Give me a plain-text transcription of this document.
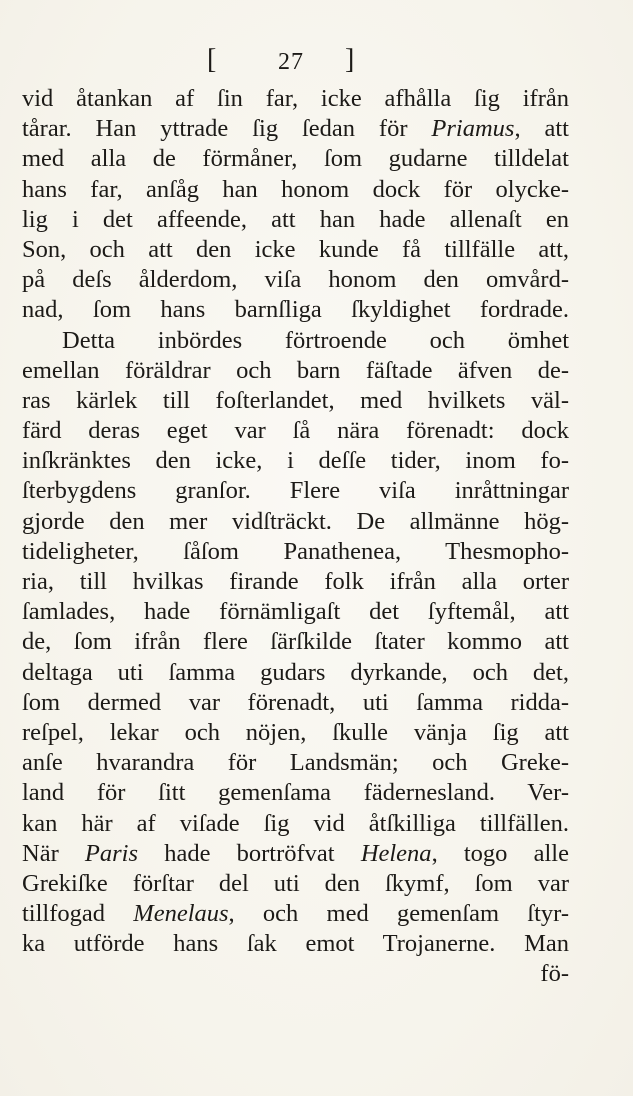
[	27 ]
vid åtankan af ſin far, icke afhålla ſig ifrån
tårar. Han yttrade ſig ſedan för Priamus, att
med alla de förmåner, ſom gudarne tilldelat
hans far, anſåg han honom dock för olycke-
lig i det affeende, att han hade allenaſt en
Son, och att den icke kunde få tillfälle att,
på deſs ålderdom, viſa honom den omvård-
nad, ſom hans barnſliga ſkyldighet fordrade.
Detta inbördes förtroende och ömhet
emellan föräldrar och barn fäſtade äfven de-
ras kärlek till foſterlandet, med hvilkets väl-
färd deras eget var ſå nära förenadt: dock
inſkränktes den icke, i deſſe tider, inom fo-
ſterbygdens granſor. Flere viſa inråttningar
gjorde den mer vidſträckt. De allmänne hög-
tideligheter, ſåſom Panathenea, Thesmopho-
ria, till hvilkas firande folk ifrån alla orter
ſamlades, hade förnämligaſt det ſyftemål, att
de, ſom ifrån flere ſärſkilde ſtater kommo att
deltaga uti ſamma gudars dyrkande, och det,
ſom dermed var förenadt, uti ſamma ridda-
reſpel, lekar och nöjen, ſkulle vänja ſig att
anſe hvarandra för Landsmän; och Greke-
land för ſitt gemenſama fädernesland. Ver-
kan här af viſade ſig vid åtſkilliga tillfällen.
När Paris hade bortröfvat Helena, togo alle
Grekiſke förſtar del uti den ſkymf, ſom var
tillfogad Menelaus, och med gemenſam ſtyr-
ka utförde hans ſak emot Trojanerne. Man
fö-
